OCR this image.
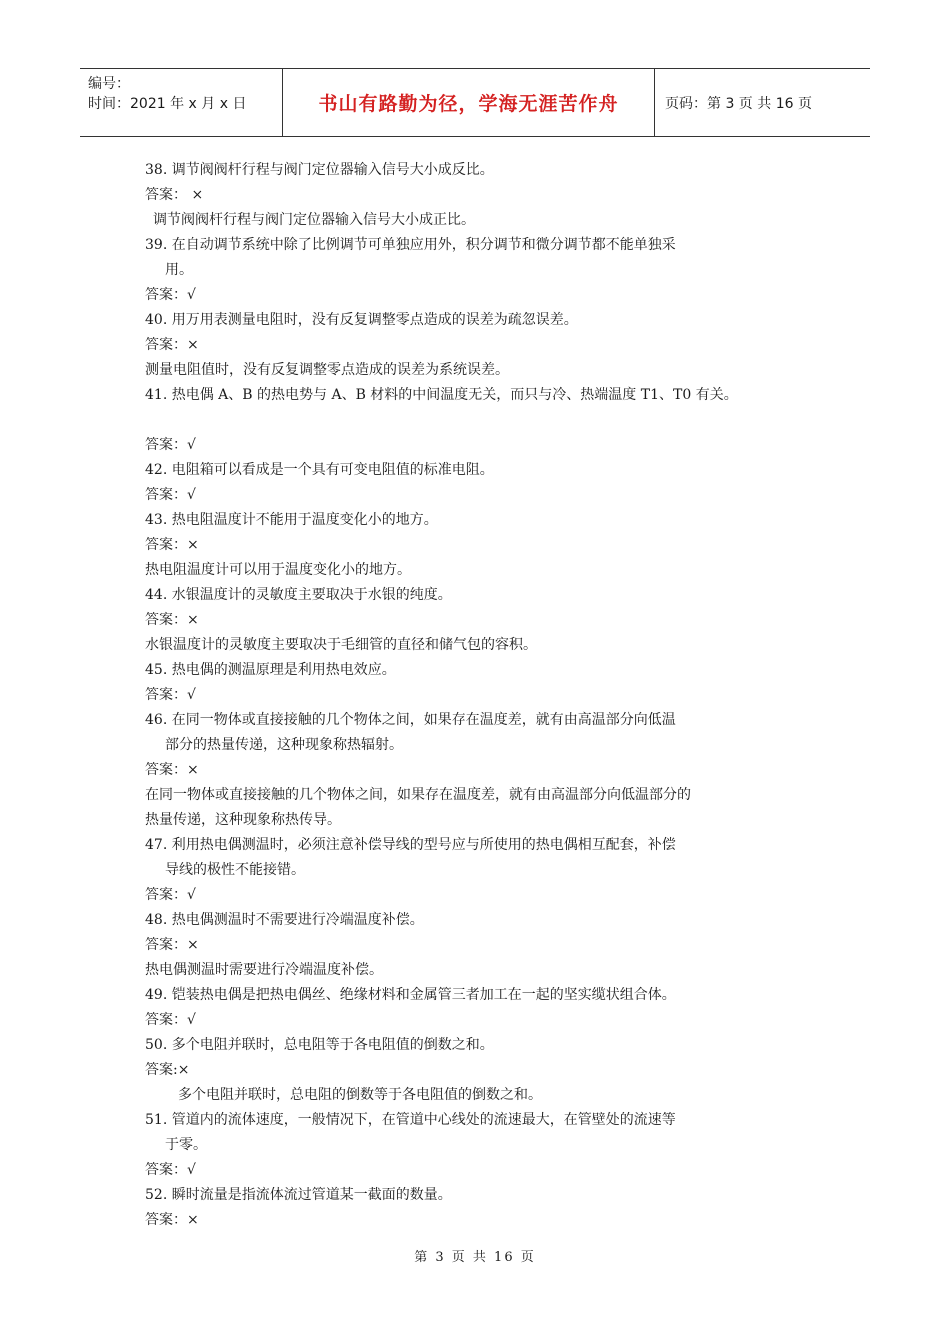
编号：
时间：2021 年 x 月 x 日	书山有路勤为径，学海无涯苦作舟	页码：第 3 页 共 16 页
38. 调节阀阀杆行程与阀门定位器输入信号大小成反比。
答案： ×
调节阀阀杆行程与阀门定位器输入信号大小成正比。
39. 在自动调节系统中除了比例调节可单独应用外，积分调节和微分调节都不能单独采
用。
答案：√
40. 用万用表测量电阻时，没有反复调整零点造成的误差为疏忽误差。
答案：×
测量电阻值时，没有反复调整零点造成的误差为系统误差。
41. 热电偶 A、B 的热电势与 A、B 材料的中间温度无关，而只与冷、热端温度 T1、T0 有关。
答案：√
42. 电阻箱可以看成是一个具有可变电阻值的标准电阻。
答案：√
43. 热电阻温度计不能用于温度变化小的地方。
答案：×
热电阻温度计可以用于温度变化小的地方。
44. 水银温度计的灵敏度主要取决于水银的纯度。
答案：×
水银温度计的灵敏度主要取决于毛细管的直径和储气包的容积。
45. 热电偶的测温原理是利用热电效应。
答案：√
46. 在同一物体或直接接触的几个物体之间，如果存在温度差，就有由高温部分向低温
部分的热量传递，这种现象称热辐射。
答案：×
在同一物体或直接接触的几个物体之间，如果存在温度差，就有由高温部分向低温部分的
热量传递，这种现象称热传导。
47. 利用热电偶测温时，必须注意补偿导线的型号应与所使用的热电偶相互配套，补偿
导线的极性不能接错。
答案：√
48. 热电偶测温时不需要进行冷端温度补偿。
答案：×
热电偶测温时需要进行冷端温度补偿。
49. 铠装热电偶是把热电偶丝、绝缘材料和金属管三者加工在一起的坚实缆状组合体。
答案：√
50. 多个电阻并联时，总电阻等于各电阻值的倒数之和。
答案:×
多个电阻并联时，总电阻的倒数等于各电阻值的倒数之和。
51. 管道内的流体速度，一般情况下，在管道中心线处的流速最大，在管壁处的流速等
于零。
答案：√
52. 瞬时流量是指流体流过管道某一截面的数量。
答案：×
第 3 页 共 16 页
